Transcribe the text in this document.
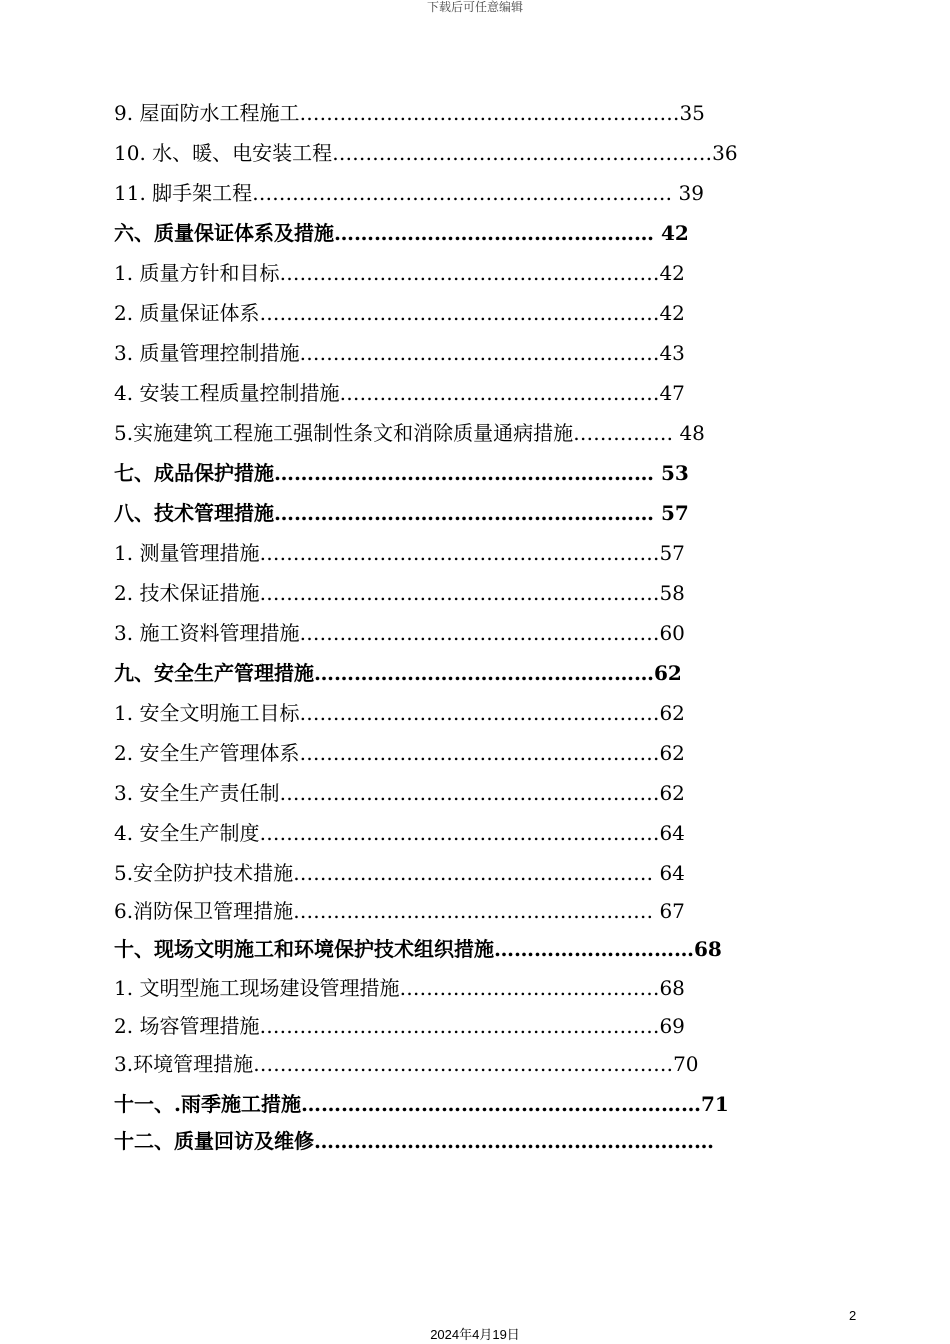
下载后可任意编辑
9. 屋面防水工程施工…………………………………………………35
10. 水、暖、电安装工程…………………………………………………36
11. 脚手架工程……………………………………………………… 39
六、质量保证体系及措施………………………………………… 42
1. 质量方针和目标…………………………………………………42
2. 质量保证体系……………………………………………………42
3. 质量管理控制措施………………………………………………43
4. 安装工程质量控制措施…………………………………………47
5.实施建筑工程施工强制性条文和消除质量通病措施…………… 48
七、成品保护措施………………………………………………… 53
八、技术管理措施………………………………………………… 57
1. 测量管理措施……………………………………………………57
2. 技术保证措施……………………………………………………58
3. 施工资料管理措施………………………………………………60
九、安全生产管理措施……………………………………………62
1. 安全文明施工目标………………………………………………62
2. 安全生产管理体系………………………………………………62
3. 安全生产责任制…………………………………………………62
4. 安全生产制度……………………………………………………64
5.安全防护技术措施……………………………………………… 64
6.消防保卫管理措施……………………………………………… 67
十、现场文明施工和环境保护技术组织措施…………………………68
1. 文明型施工现场建设管理措施…………………………………68
2. 场容管理措施……………………………………………………69
3.环境管理措施………………………………………………………70
十一、.雨季施工措施……………………………………………………71
十二、质量回访及维修……………………………………………………
2
2024年4月19日
